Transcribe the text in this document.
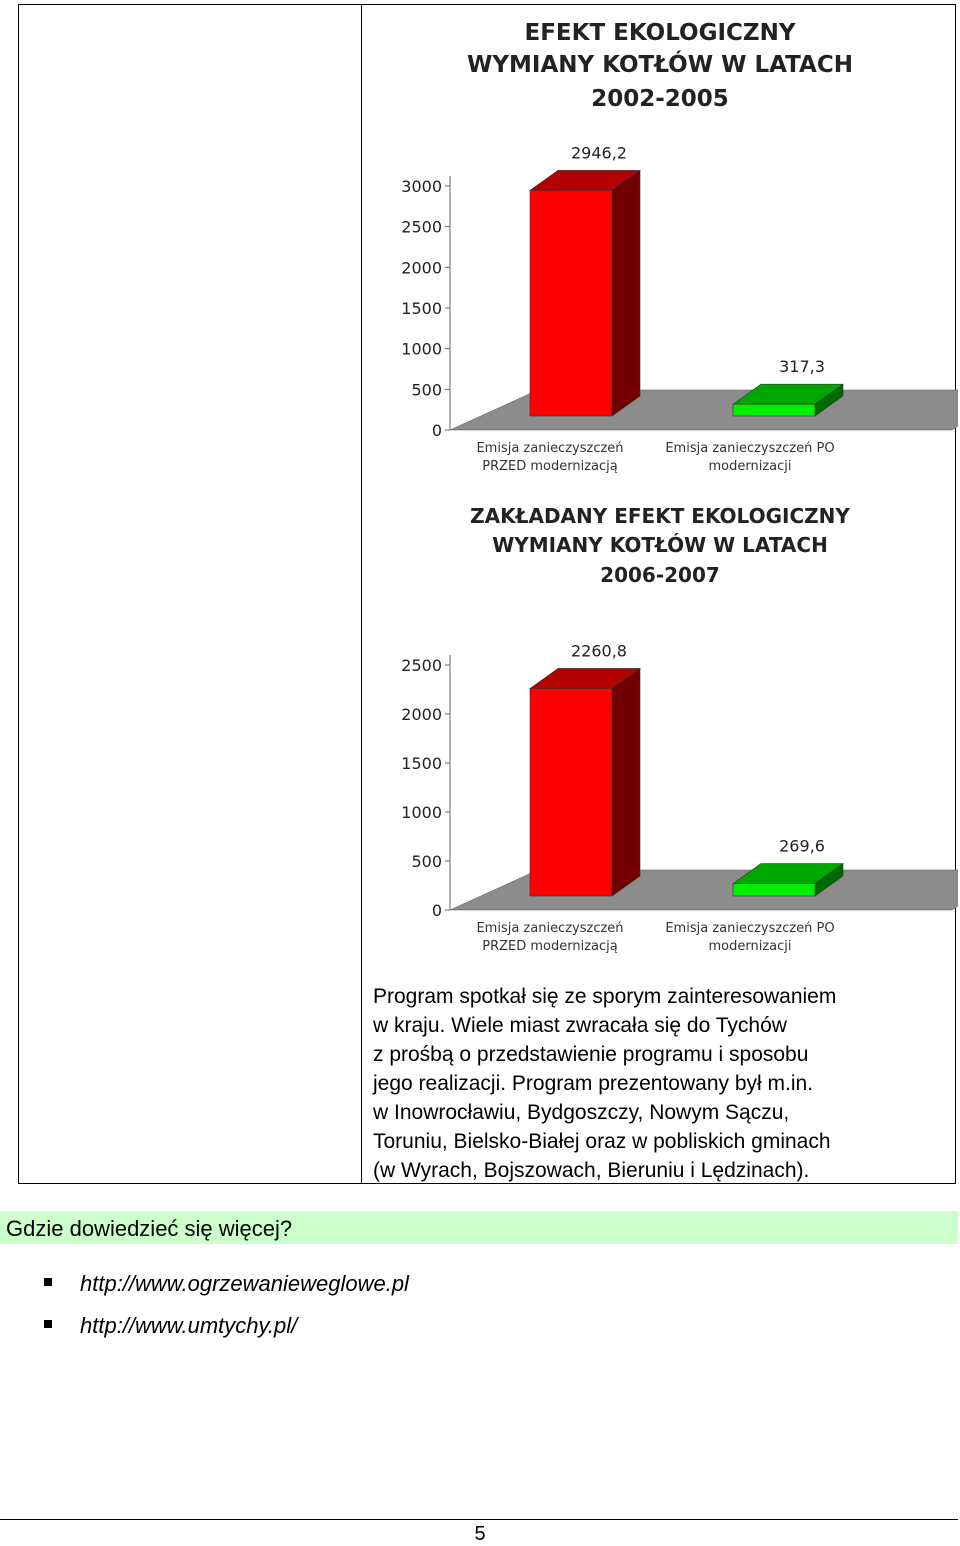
EFEKT EKOLOGICZNY
WYMIANY KOTŁÓW W LATACH
2002-2005
0
500
1000
1500
2000
2500
3000
2946,2
Emisja zanieczyszczeń
PRZED modernizacją
317,3
Emisja zanieczyszczeń PO
modernizacji
ZAKŁADANY EFEKT EKOLOGICZNY
WYMIANY KOTŁÓW W LATACH
2006-2007
0
500
1000
1500
2000
2500
2260,8
Emisja zanieczyszczeń
PRZED modernizacją
269,6
Emisja zanieczyszczeń PO
modernizacji

Program spotkał się ze sporym zainteresowaniem
w kraju. Wiele miast zwracała się do Tychów
z prośbą o przedstawienie programu i sposobu
jego realizacji. Program prezentowany był m.in.
w Inowrocławiu, Bydgoszczy, Nowym Sączu,
Toruniu, Bielsko-Białej oraz w pobliskich gminach
(w Wyrach, Bojszowach, Bieruniu i Lędzinach).

Gdzie dowiedzieć się więcej?
http://www.ogrzewanieweglowe.pl
http://www.umtychy.pl/
5
